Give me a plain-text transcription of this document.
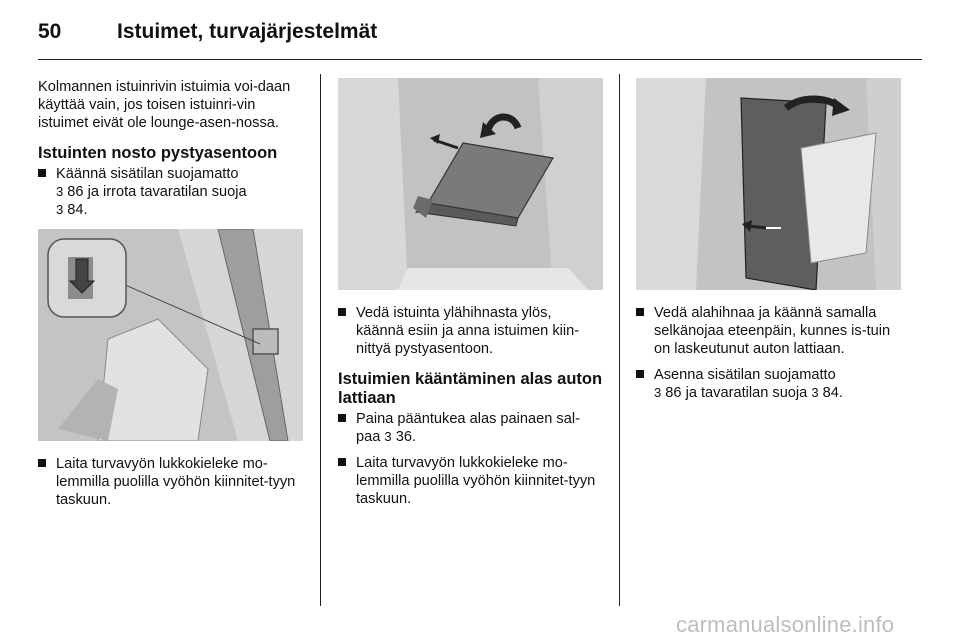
50	Istuimet, turvajärjestelmät

Kolmannen istuinrivin istuimia voi-daan käyttää vain, jos toisen istuinri-vin istuimet eivät ole lounge-asen-nossa.

Istuinten nosto pystyasentoon
Käännä sisätilan suojamatto
3 86 ja irrota tavaratilan suoja
3 84.
Laita turvavyön lukkokieleke mo-lemmilla puolilla vyöhön kiinnitet-tyyn taskuun.
Vedä istuinta ylähihnasta ylös, käännä esiin ja anna istuimen kiin-nittyä pystyasentoon.
Istuimien kääntäminen alas auton lattiaan
Paina pääntukea alas painaen sal-paa 3 36.
Laita turvavyön lukkokieleke mo-lemmilla puolilla vyöhön kiinnitet-tyyn taskuun.
Vedä alahihnaa ja käännä samalla selkänojaa eteenpäin, kunnes is-tuin on laskeutunut auton lattiaan.
Asenna sisätilan suojamatto
3 86 ja tavaratilan suoja 3 84.
carmanualsonline.info
